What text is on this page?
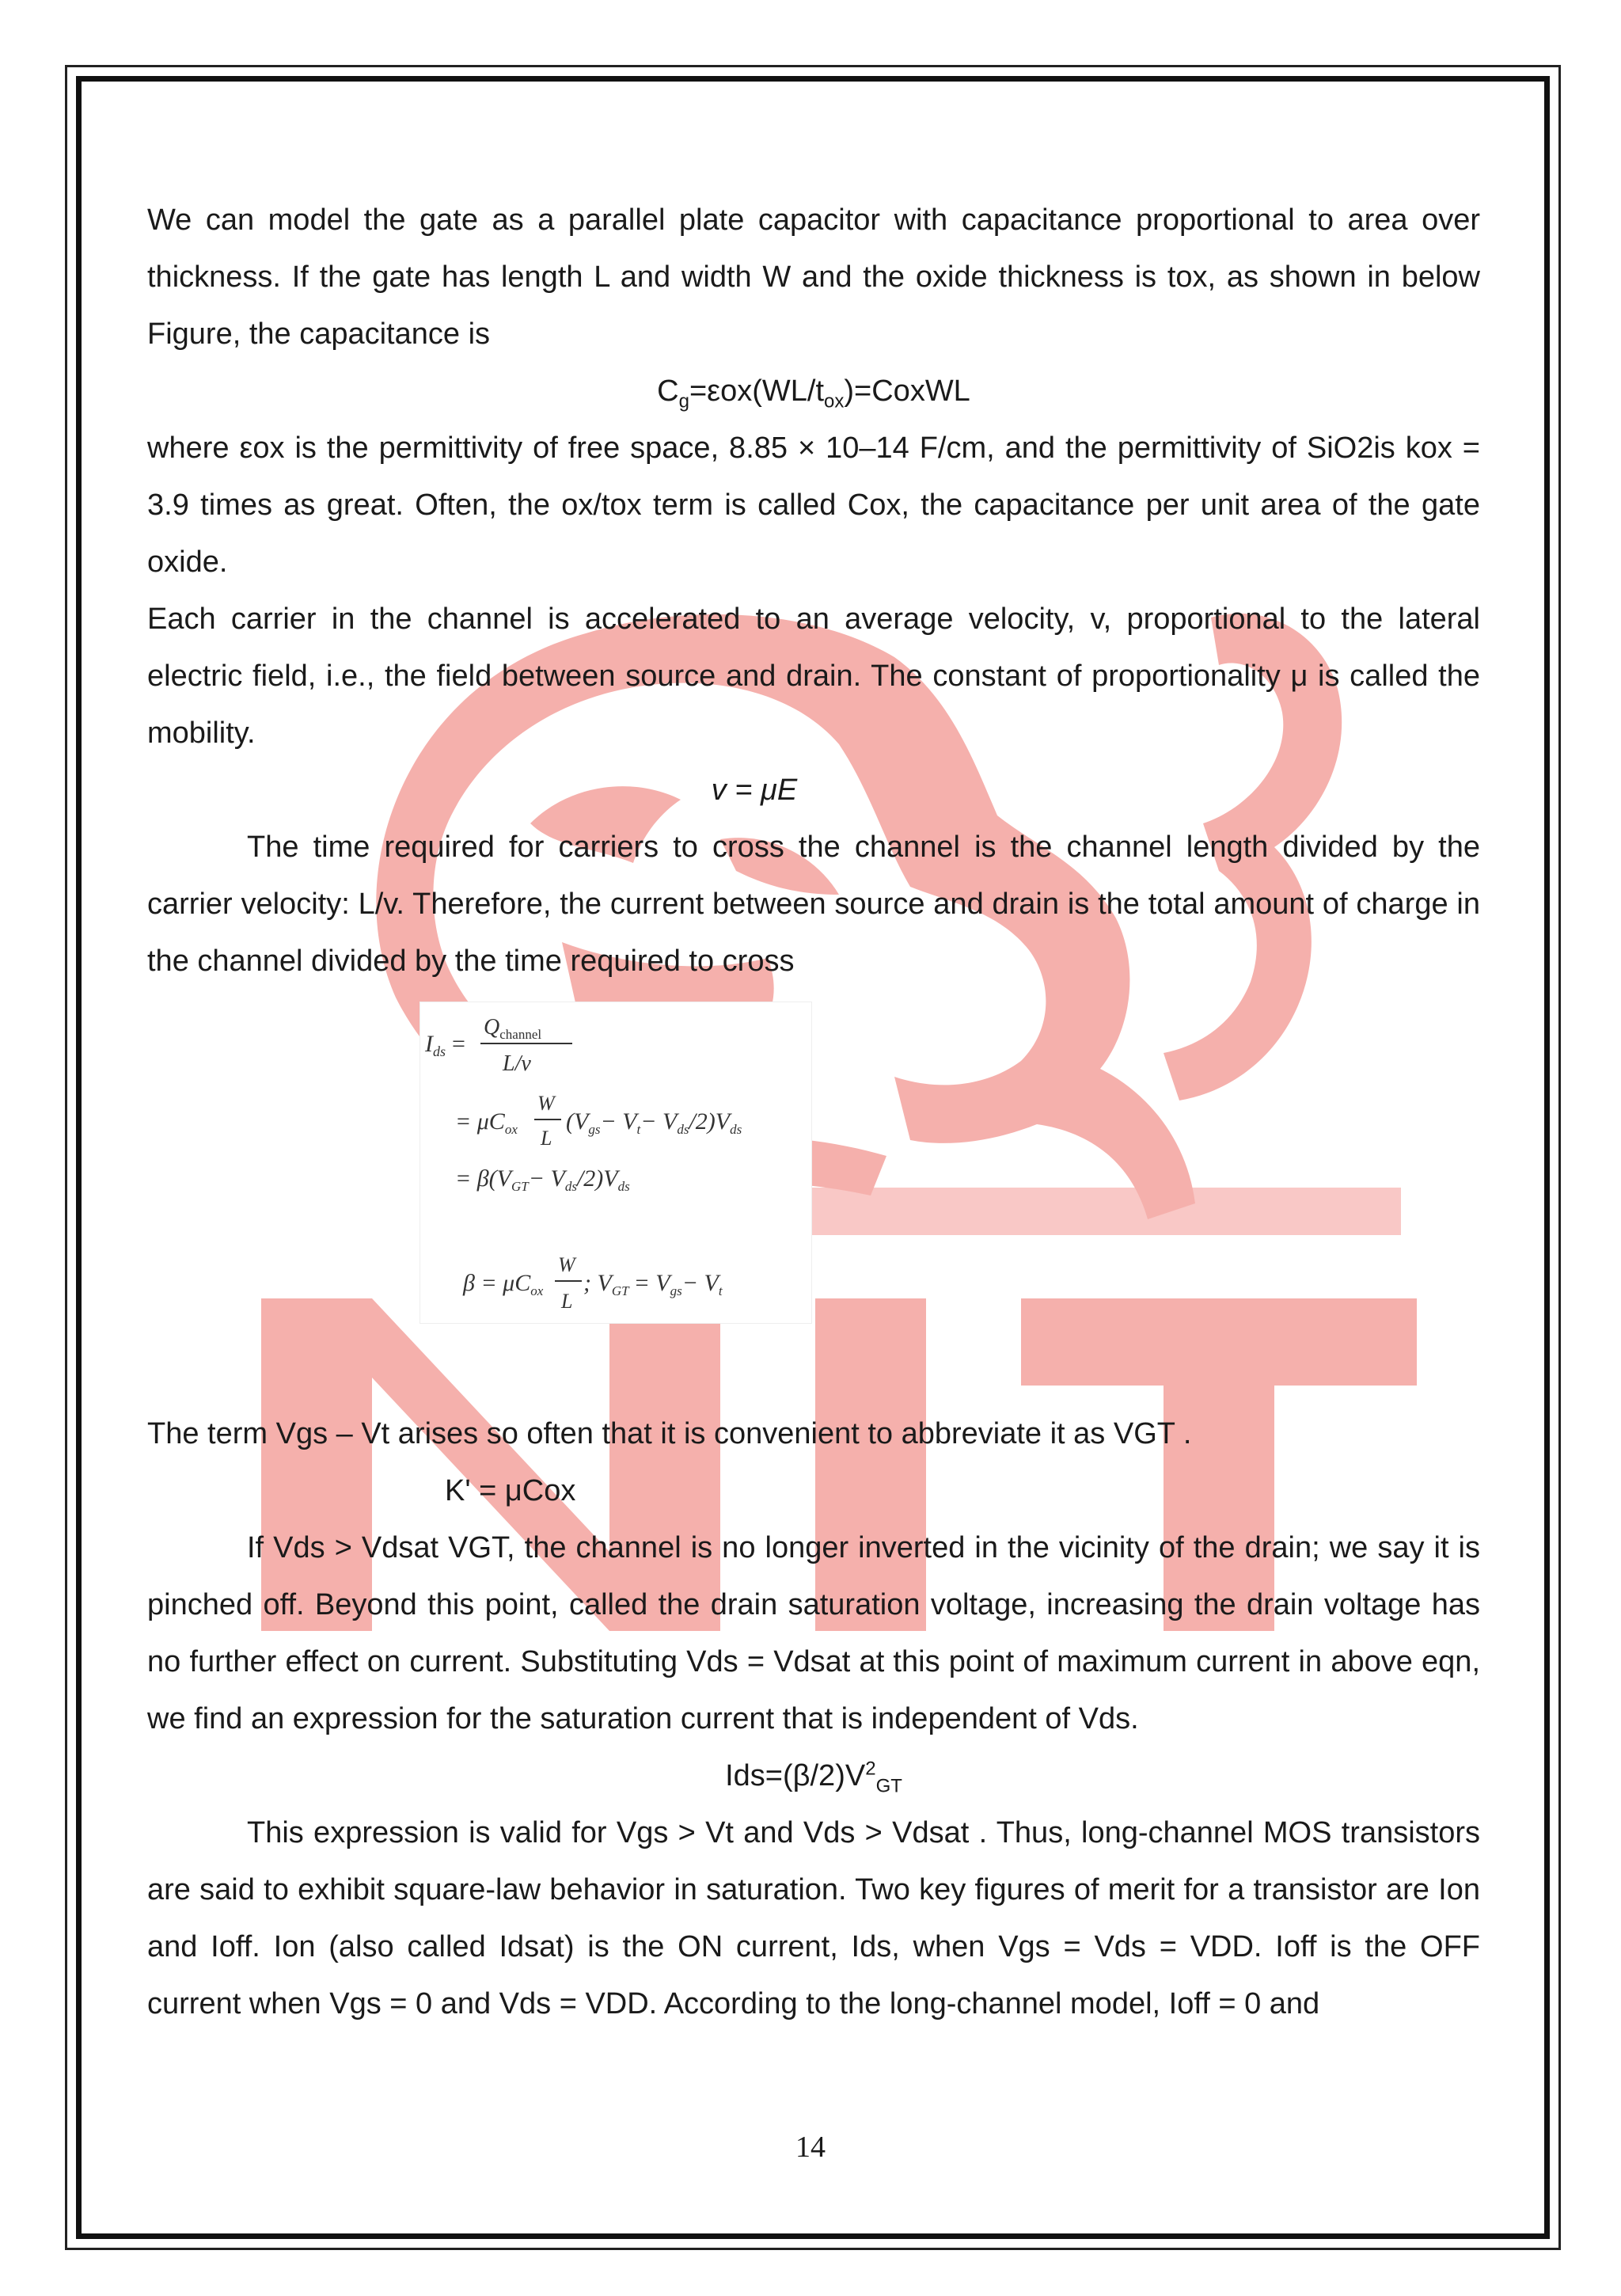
We can model the gate as a parallel plate capacitor with capacitance proportional to area over thickness. If the gate has length L and width W and the oxide thickness is tox, as shown in below Figure, the capacitance is

$C_g=\varepsilon ox(WL/t_{ox})=CoxWL$

where εox is the permittivity of free space, 8.85 × 10–14 F/cm, and the permittivity of SiO2is kox = 3.9 times as great. Often, the ox/tox term is called Cox, the capacitance per unit area of the gate oxide.

Each carrier in the channel is accelerated to an average velocity, v, proportional to the lateral electric field, i.e., the field between source and drain. The constant of proportionality μ is called the mobility.

v = μE

The time required for carriers to cross the channel is the channel length divided by the carrier velocity: L/v. Therefore, the current between source and drain is the total amount of charge in the channel divided by the time required to cross

The term Vgs – Vt arises so often that it is convenient to abbreviate it as VGT .

K' = μCox

If Vds > Vdsat VGT, the channel is no longer inverted in the vicinity of the drain; we say it is pinched off. Beyond this point, called the drain saturation voltage, increasing the drain voltage has no further effect on current. Substituting Vds = Vdsat at this point of maximum current in above eqn, we find an expression for the saturation current that is independent of Vds.

$Ids=(\beta/2)V^2_{GT}$

This expression is valid for Vgs > Vt and Vds > Vdsat . Thus, long-channel MOS transistors are said to exhibit square-law behavior in saturation. Two key figures of merit for a transistor are Ion and Ioff. Ion (also called Idsat) is the ON current, Ids, when Vgs = Vds = VDD. Ioff is the OFF current when Vgs = 0 and Vds = VDD. According to the long-channel model, Ioff = 0 and

$I_{ds}$ =
$Q_{channel}$
L/v
= $\mu C_{ox}$
W
L
$(V_{gs}- V_t- V_{ds}/2)V_{ds}$
= $\beta(V_{GT}- V_{ds}/2)V_{ds}$
$\beta = \mu C_{ox}$
W
L
; $V_{GT} = V_{gs}- V_t$
14
